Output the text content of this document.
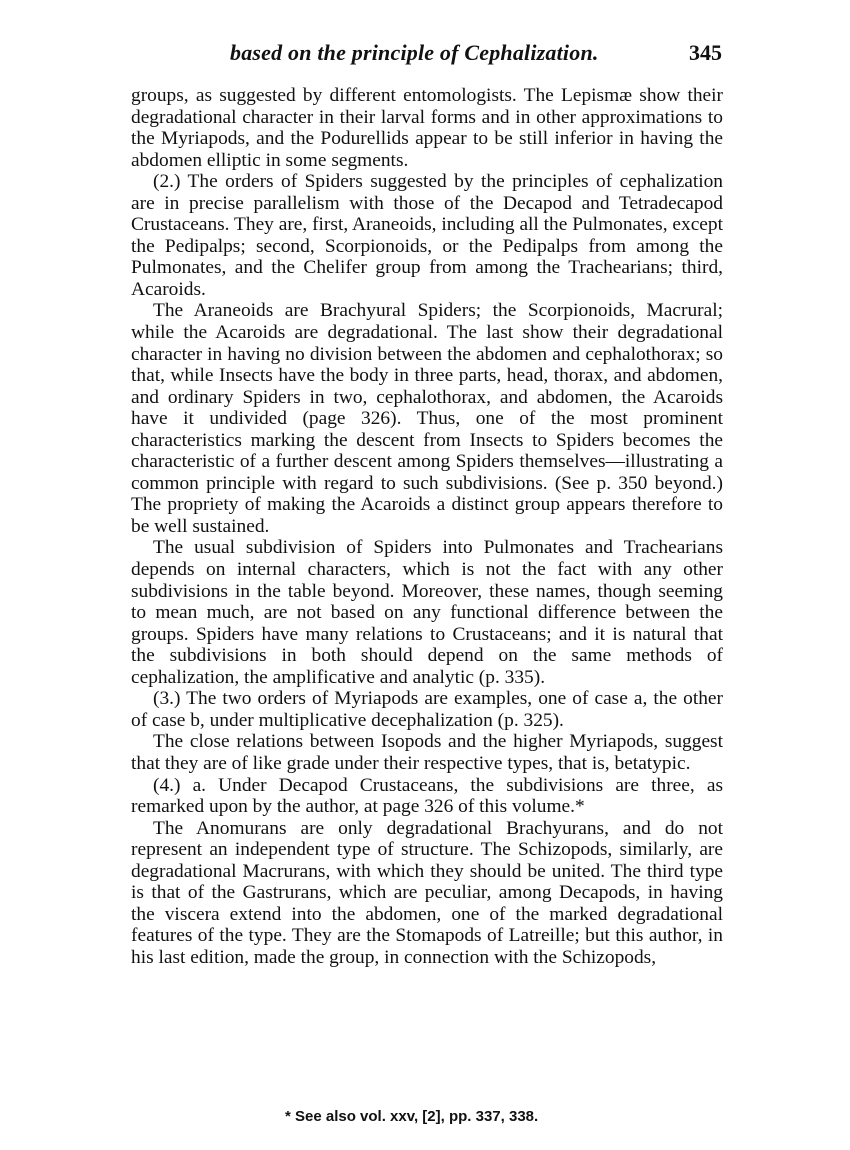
based on the principle of Cephalization.	345

groups, as suggested by different entomologists. The Lepismæ show their degradational character in their larval forms and in other approximations to the Myriapods, and the Podurellids appear to be still inferior in having the abdomen elliptic in some segments.

(2.) The orders of Spiders suggested by the principles of cephalization are in precise parallelism with those of the Decapod and Tetradecapod Crustaceans. They are, first, Araneoids, including all the Pulmonates, except the Pedipalps; second, Scorpionoids, or the Pedipalps from among the Pulmonates, and the Chelifer group from among the Trachearians; third, Acaroids.

The Araneoids are Brachyural Spiders; the Scorpionoids, Macrural; while the Acaroids are degradational. The last show their degradational character in having no division between the abdomen and cephalothorax; so that, while Insects have the body in three parts, head, thorax, and abdomen, and ordinary Spiders in two, cephalothorax, and abdomen, the Acaroids have it undivided (page 326). Thus, one of the most prominent characteristics marking the descent from Insects to Spiders becomes the characteristic of a further descent among Spiders themselves—illustrating a common principle with regard to such subdivisions. (See p. 350 beyond.) The propriety of making the Acaroids a distinct group appears therefore to be well sustained.

The usual subdivision of Spiders into Pulmonates and Trachearians depends on internal characters, which is not the fact with any other subdivisions in the table beyond. Moreover, these names, though seeming to mean much, are not based on any functional difference between the groups. Spiders have many relations to Crustaceans; and it is natural that the subdivisions in both should depend on the same methods of cephalization, the amplificative and analytic (p. 335).

(3.) The two orders of Myriapods are examples, one of case a, the other of case b, under multiplicative decephalization (p. 325).

The close relations between Isopods and the higher Myriapods, suggest that they are of like grade under their respective types, that is, betatypic.

(4.) a. Under Decapod Crustaceans, the subdivisions are three, as remarked upon by the author, at page 326 of this volume.*

The Anomurans are only degradational Brachyurans, and do not represent an independent type of structure. The Schizopods, similarly, are degradational Macrurans, with which they should be united. The third type is that of the Gastrurans, which are peculiar, among Decapods, in having the viscera extend into the abdomen, one of the marked degradational features of the type. They are the Stomapods of Latreille; but this author, in his last edition, made the group, in connection with the Schizopods,

* See also vol. xxv, [2], pp. 337, 338.
